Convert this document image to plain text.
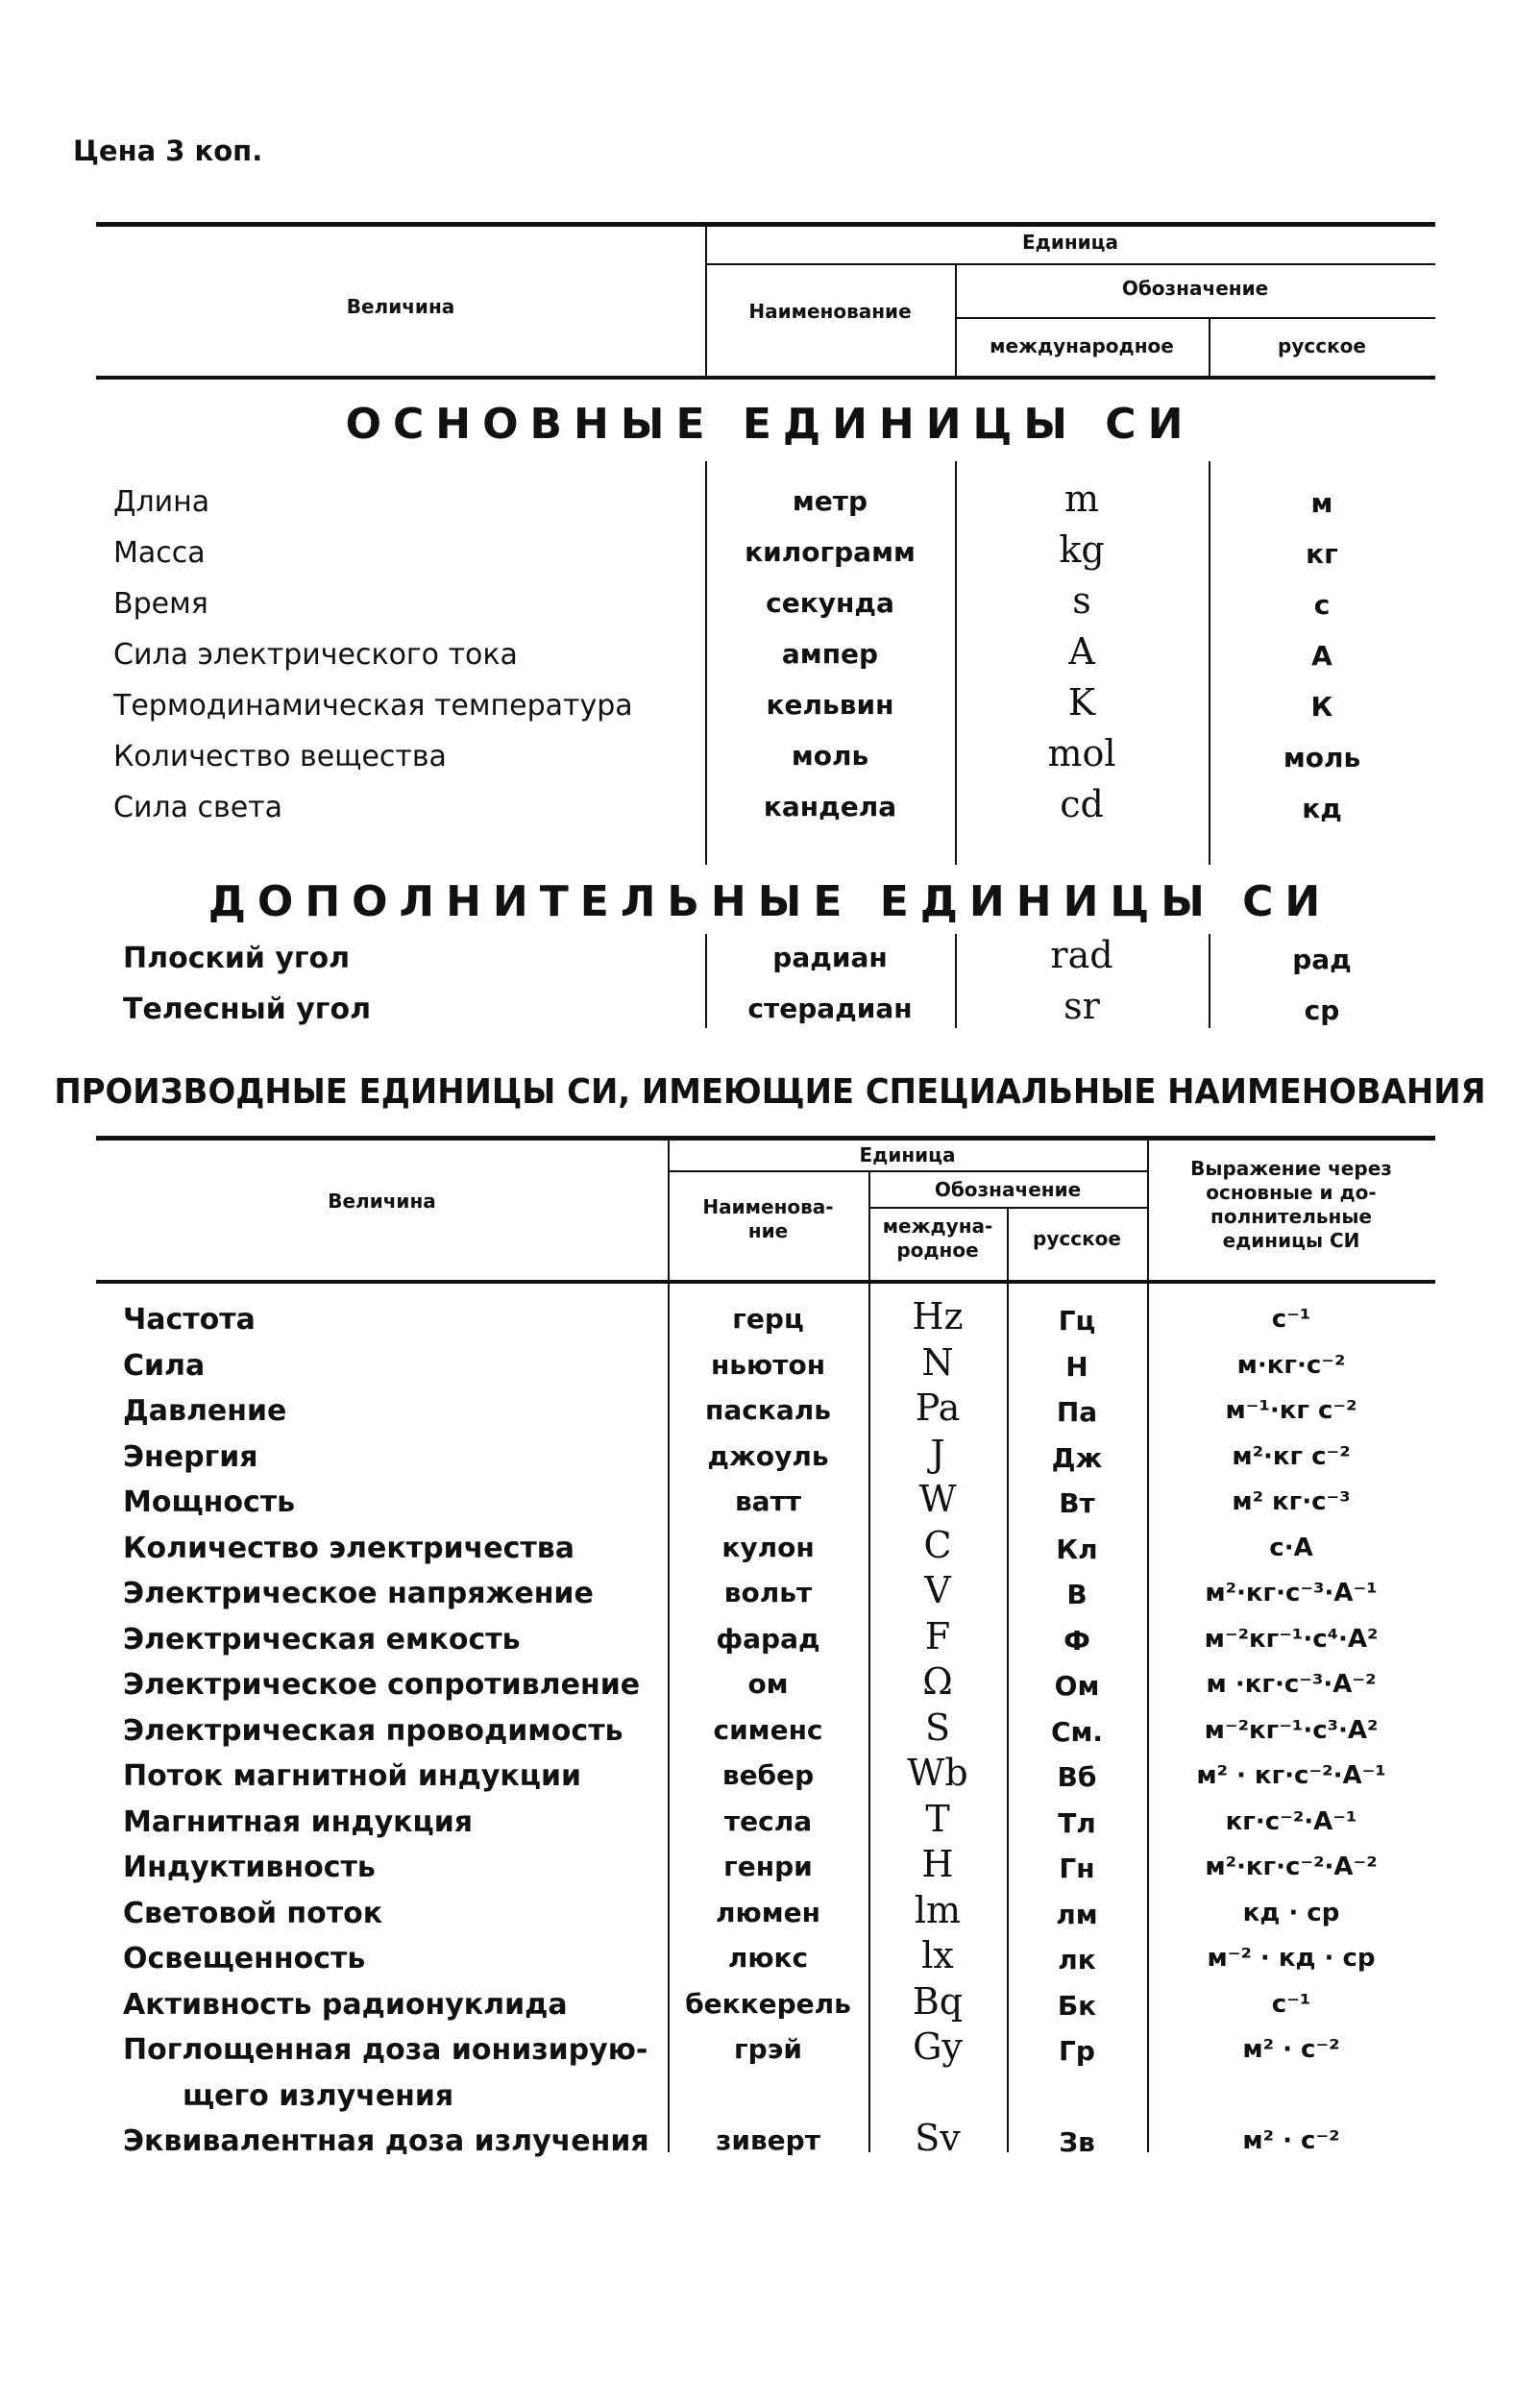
Цена 3 коп.
Величина
Единица
Наименование
Обозначение
международное	русское
ОСНОВНЫЕ ЕДИНИЦЫ СИ
Длина	метр	m	м
Масса	килограмм	kg	кг
Время	секунда	s	с
Сила электрического тока	ампер	A	А
Термодинамическая температура	кельвин	K	К
Количество вещества	моль	mol	моль
Сила света	кандела	cd	кд
ДОПОЛНИТЕЛЬНЫЕ ЕДИНИЦЫ СИ
Плоский угол	радиан	rad	рад
Телесный угол	стерадиан	sr	ср
ПРОИЗВОДНЫЕ ЕДИНИЦЫ СИ, ИМЕЮЩИЕ СПЕЦИАЛЬНЫЕ НАИМЕНОВАНИЯ
Величина
Единица
Наименова-
ние
Обозначение
междуна-
родное	русское
Выражение через
основные и до-
полнительные
единицы СИ
Частота	герц	Hz	Гц	с⁻¹
Сила	ньютон	N	Н	м·кг·с⁻²
Давление	паскаль	Pa	Па	м⁻¹·кг с⁻²
Энергия	джоуль	J	Дж	м²·кг с⁻²
Мощность	ватт	W	Вт	м² кг·с⁻³
Количество электричества	кулон	C	Кл	с·А
Электрическое напряжение	вольт	V	В	м²·кг·с⁻³·А⁻¹
Электрическая емкость	фарад	F	Ф	м⁻²кг⁻¹·с⁴·А²
Электрическое сопротивление	ом	Ω	Ом	м ·кг·с⁻³·А⁻²
Электрическая проводимость	сименс	S	См.	м⁻²кг⁻¹·с³·А²
Поток магнитной индукции	вебер	Wb	Вб	м² · кг·с⁻²·А⁻¹
Магнитная индукция	тесла	T	Тл	кг·с⁻²·А⁻¹
Индуктивность	генри	H	Гн	м²·кг·с⁻²·А⁻²
Световой поток	люмен	lm	лм	кд · ср
Освещенность	люкс	lx	лк	м⁻² · кд · ср
Активность радионуклида	беккерель	Bq	Бк	с⁻¹
Поглощенная доза ионизирую-	грэй	Gy	Гр	м² · с⁻²
щего излучения
Эквивалентная доза излучения	зиверт	Sv	Зв	м² · с⁻²
